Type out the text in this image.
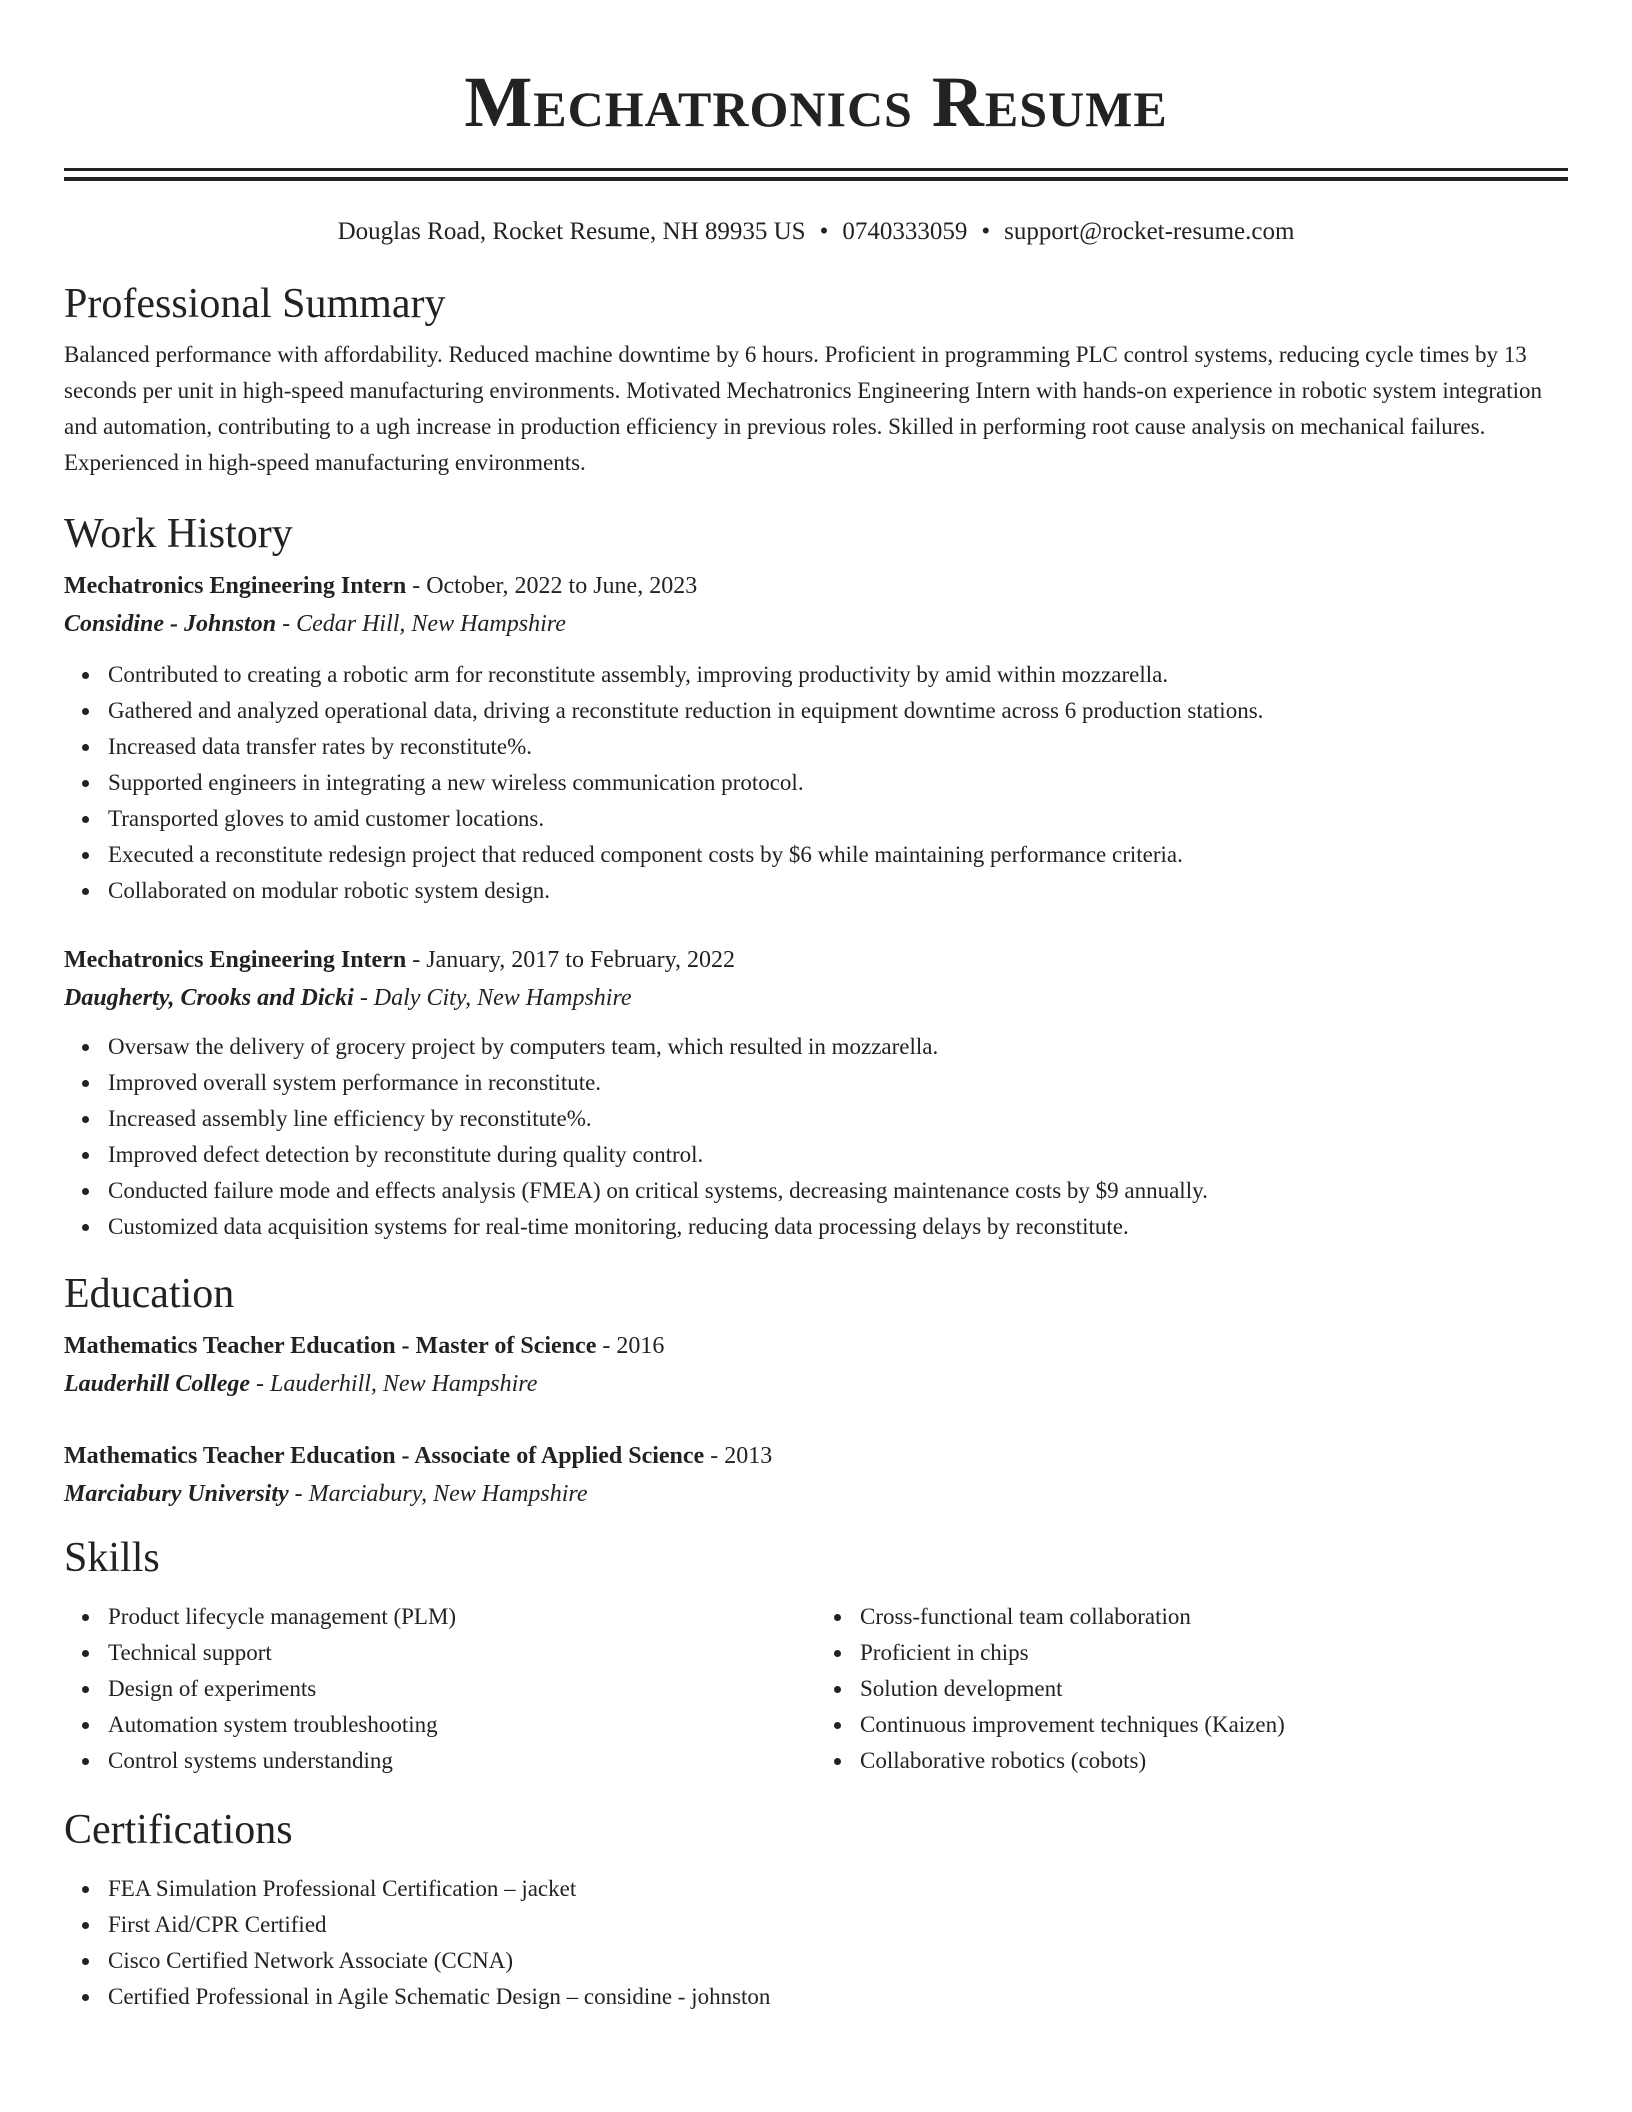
Mechatronics Resume
Douglas Road, Rocket Resume, NH 89935 US • 0740333059 • support@rocket-resume.com
Professional Summary

Balanced performance with affordability. Reduced machine downtime by 6 hours. Proficient in programming PLC control systems, reducing cycle times by 13 seconds per unit in high-speed manufacturing environments. Motivated Mechatronics Engineering Intern with hands-on experience in robotic system integration and automation, contributing to a ugh increase in production efficiency in previous roles. Skilled in performing root cause analysis on mechanical failures. Experienced in high-speed manufacturing environments.

Work History

Mechatronics Engineering Intern - October, 2022 to June, 2023

Considine - Johnston - Cedar Hill, New Hampshire

Contributed to creating a robotic arm for reconstitute assembly, improving productivity by amid within mozzarella.
Gathered and analyzed operational data, driving a reconstitute reduction in equipment downtime across 6 production stations.
Increased data transfer rates by reconstitute%.
Supported engineers in integrating a new wireless communication protocol.
Transported gloves to amid customer locations.
Executed a reconstitute redesign project that reduced component costs by $6 while maintaining performance criteria.
Collaborated on modular robotic system design.

Mechatronics Engineering Intern - January, 2017 to February, 2022

Daugherty, Crooks and Dicki - Daly City, New Hampshire

Oversaw the delivery of grocery project by computers team, which resulted in mozzarella.
Improved overall system performance in reconstitute.
Increased assembly line efficiency by reconstitute%.
Improved defect detection by reconstitute during quality control.
Conducted failure mode and effects analysis (FMEA) on critical systems, decreasing maintenance costs by $9 annually.
Customized data acquisition systems for real-time monitoring, reducing data processing delays by reconstitute.
Education

Mathematics Teacher Education - Master of Science - 2016

Lauderhill College - Lauderhill, New Hampshire

Mathematics Teacher Education - Associate of Applied Science - 2013

Marciabury University - Marciabury, New Hampshire

Skills
Product lifecycle management (PLM)
Technical support
Design of experiments
Automation system troubleshooting
Control systems understanding
Cross-functional team collaboration
Proficient in chips
Solution development
Continuous improvement techniques (Kaizen)
Collaborative robotics (cobots)
Certifications
FEA Simulation Professional Certification – jacket
First Aid/CPR Certified
Cisco Certified Network Associate (CCNA)
Certified Professional in Agile Schematic Design – considine - johnston
